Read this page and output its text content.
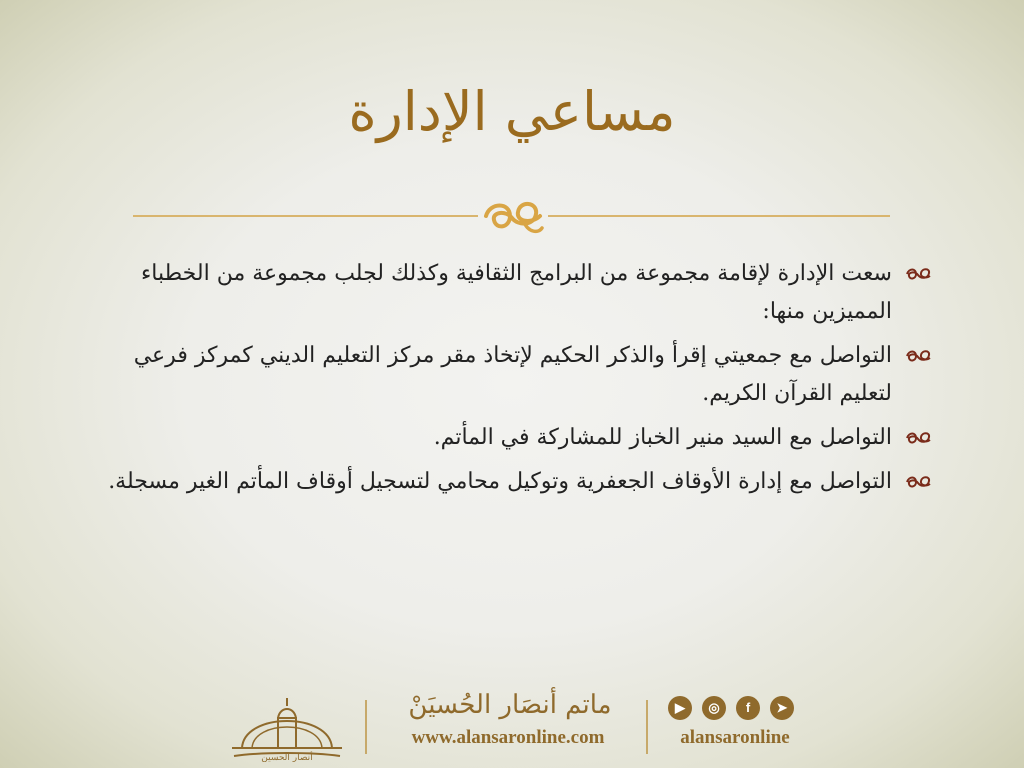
مساعي الإدارة
سعت الإدارة لإقامة مجموعة من البرامج الثقافية وكذلك لجلب مجموعة من الخطباء المميزين منها:
التواصل مع جمعيتي إقرأ والذكر الحكيم لإتخاذ مقر مركز التعليم الديني كمركز فرعي لتعليم القرآن الكريم.
التواصل مع السيد منير الخباز للمشاركة في المأتم.
التواصل مع إدارة الأوقاف الجعفرية وتوكيل محامي لتسجيل أوقاف المأتم الغير مسجلة.
أنصار الحسين
ماتم أنصَار الحُسيَنْ
www.alansaronline.com
▶	◎	f	➤
alansaronline
